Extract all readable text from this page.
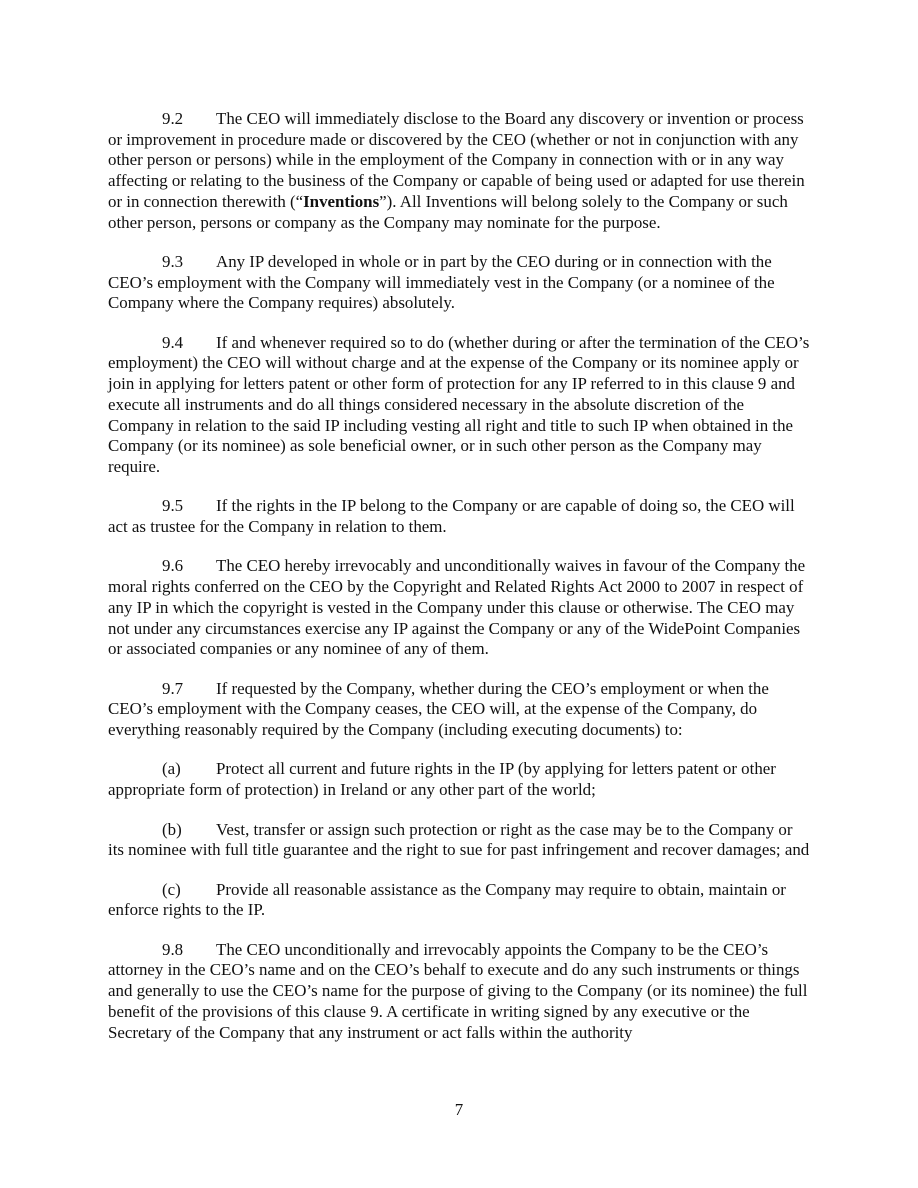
9.2 The CEO will immediately disclose to the Board any discovery or invention or process or improvement in procedure made or discovered by the CEO (whether or not in conjunction with any other person or persons) while in the employment of the Company in connection with or in any way affecting or relating to the business of the Company or capable of being used or adapted for use therein or in connection therewith (“Inventions”). All Inventions will belong solely to the Company or such other person, persons or company as the Company may nominate for the purpose.

9.3 Any IP developed in whole or in part by the CEO during or in connection with the CEO’s employment with the Company will immediately vest in the Company (or a nominee of the Company where the Company requires) absolutely.

9.4 If and whenever required so to do (whether during or after the termination of the CEO’s employment) the CEO will without charge and at the expense of the Company or its nominee apply or join in applying for letters patent or other form of protection for any IP referred to in this clause 9 and execute all instruments and do all things considered necessary in the absolute discretion of the Company in relation to the said IP including vesting all right and title to such IP when obtained in the Company (or its nominee) as sole beneficial owner, or in such other person as the Company may require.

9.5 If the rights in the IP belong to the Company or are capable of doing so, the CEO will act as trustee for the Company in relation to them.

9.6 The CEO hereby irrevocably and unconditionally waives in favour of the Company the moral rights conferred on the CEO by the Copyright and Related Rights Act 2000 to 2007 in respect of any IP in which the copyright is vested in the Company under this clause or otherwise. The CEO may not under any circumstances exercise any IP against the Company or any of the WidePoint Companies or associated companies or any nominee of any of them.

9.7 If requested by the Company, whether during the CEO’s employment or when the CEO’s employment with the Company ceases, the CEO will, at the expense of the Company, do everything reasonably required by the Company (including executing documents) to:

(a) Protect all current and future rights in the IP (by applying for letters patent or other appropriate form of protection) in Ireland or any other part of the world;

(b) Vest, transfer or assign such protection or right as the case may be to the Company or its nominee with full title guarantee and the right to sue for past infringement and recover damages; and

(c) Provide all reasonable assistance as the Company may require to obtain, maintain or enforce rights to the IP.

9.8 The CEO unconditionally and irrevocably appoints the Company to be the CEO’s attorney in the CEO’s name and on the CEO’s behalf to execute and do any such instruments or things and generally to use the CEO’s name for the purpose of giving to the Company (or its nominee) the full benefit of the provisions of this clause 9. A certificate in writing signed by any executive or the Secretary of the Company that any instrument or act falls within the authority

7
